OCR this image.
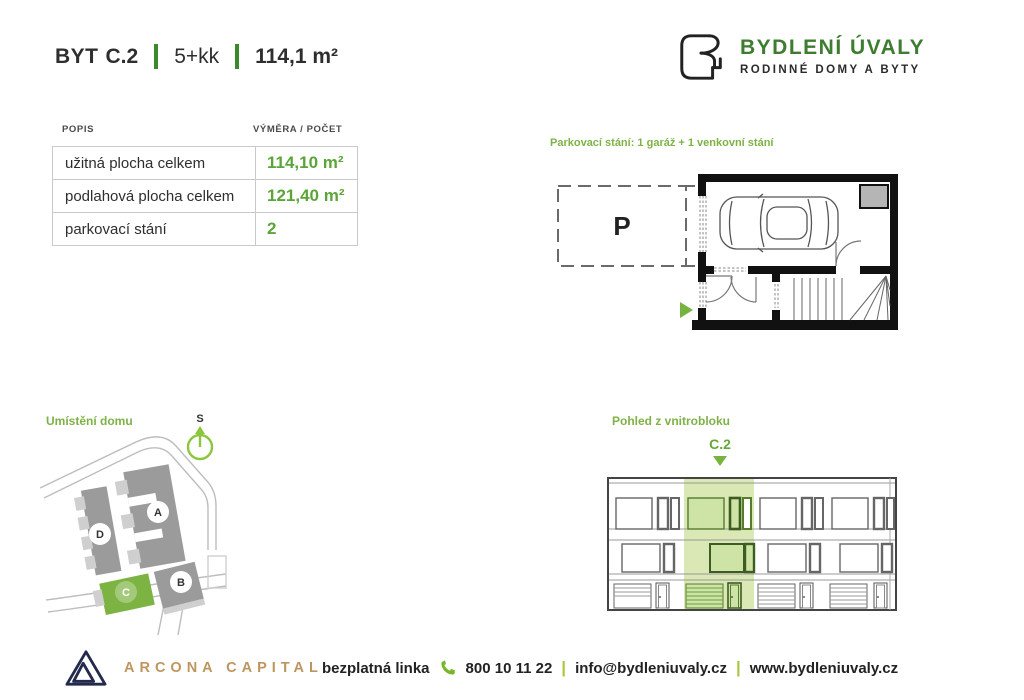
BYT C.2 5+kk 114,1 m²	BYDLENÍ ÚVALY
RODINNÉ DOMY A BYTY
POPIS	VÝMĚRA / POČET
užitná plocha celkem	114,10 m²
podlahová plocha celkem	121,40 m²
parkovací stání	2
Parkovací stání: 1 garáž + 1 venkovní stání
P
Umístění domu
A
D
B
C
S	Pohled z vnitrobloku
C.2
ARCONA CAPITAL bezplatná linka 800 10 11 22 | info@bydleniuvaly.cz | www.bydleniuvaly.cz
